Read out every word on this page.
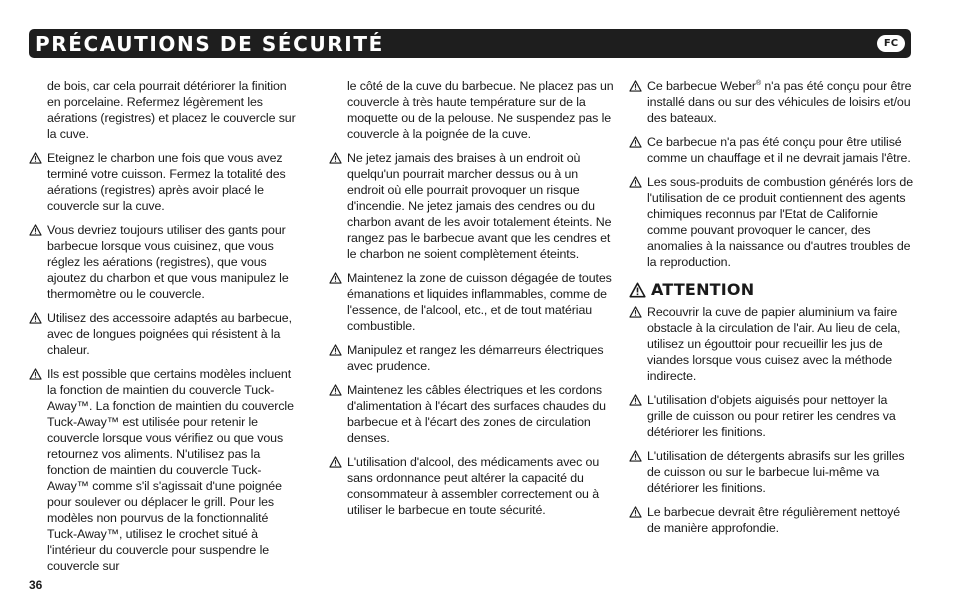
PRÉCAUTIONS DE SÉCURITÉ	FC

de bois, car cela pourrait détériorer la finition en porcelaine. Refermez légèrement les aérations (registres) et placez le couvercle sur la cuve.

Eteignez le charbon une fois que vous avez terminé votre cuisson. Fermez la totalité des aérations (registres) après avoir placé le couvercle sur la cuve.

Vous devriez toujours utiliser des gants pour barbecue lorsque vous cuisinez, que vous réglez les aérations (registres), que vous ajoutez du charbon et que vous manipulez le thermomètre ou le couvercle.

Utilisez des accessoire adaptés au barbecue, avec de longues poignées qui résistent à la chaleur.

Ils est possible que certains modèles incluent la fonction de maintien du couvercle Tuck-Away™. La fonction de maintien du couvercle Tuck-Away™ est utilisée pour retenir le couvercle lorsque vous vérifiez ou que vous retournez vos aliments. N'utilisez pas la fonction de maintien du couvercle Tuck-Away™ comme s'il s'agissait d'une poignée pour soulever ou déplacer le grill. Pour les modèles non pourvus de la fonctionnalité Tuck-Away™, utilisez le crochet situé à l'intérieur du couvercle pour suspendre le couvercle sur

le côté de la cuve du barbecue. Ne placez pas un couvercle à très haute température sur de la moquette ou de la pelouse. Ne suspendez pas le couvercle à la poignée de la cuve.

Ne jetez jamais des braises à un endroit où quelqu'un pourrait marcher dessus ou à un endroit où elle pourrait provoquer un risque d'incendie. Ne jetez jamais des cendres ou du charbon avant de les avoir totalement éteints. Ne rangez pas le barbecue avant que les cendres et le charbon ne soient complètement éteints.

Maintenez la zone de cuisson dégagée de toutes émanations et liquides inflammables, comme de l'essence, de l'alcool, etc., et de tout matériau combustible.

Manipulez et rangez les démarreurs électriques avec prudence.

Maintenez les câbles électriques et les cordons d'alimentation à l'écart des surfaces chaudes du barbecue et à l'écart des zones de circulation denses.

L'utilisation d'alcool, des médicaments avec ou sans ordonnance peut altérer la capacité du consommateur à assembler correctement ou à utiliser le barbecue en toute sécurité.

Ce barbecue Weber® n'a pas été conçu pour être installé dans ou sur des véhicules de loisirs et/ou des bateaux.

Ce barbecue n'a pas été conçu pour être utilisé comme un chauffage et il ne devrait jamais l'être.

Les sous-produits de combustion générés lors de l'utilisation de ce produit contiennent des agents chimiques reconnus par l'Etat de Californie comme pouvant provoquer le cancer, des anomalies à la naissance ou d'autres troubles de la reproduction.

ATTENTION

Recouvrir la cuve de papier aluminium va faire obstacle à la circulation de l'air. Au lieu de cela, utilisez un égouttoir pour recueillir les jus de viandes lorsque vous cuisez avec la méthode indirecte.

L'utilisation d'objets aiguisés pour nettoyer la grille de cuisson ou pour retirer les cendres va détériorer les finitions.

L'utilisation de détergents abrasifs sur les grilles de cuisson ou sur le barbecue lui-même va détériorer les finitions.

Le barbecue devrait être régulièrement nettoyé de manière approfondie.

36
